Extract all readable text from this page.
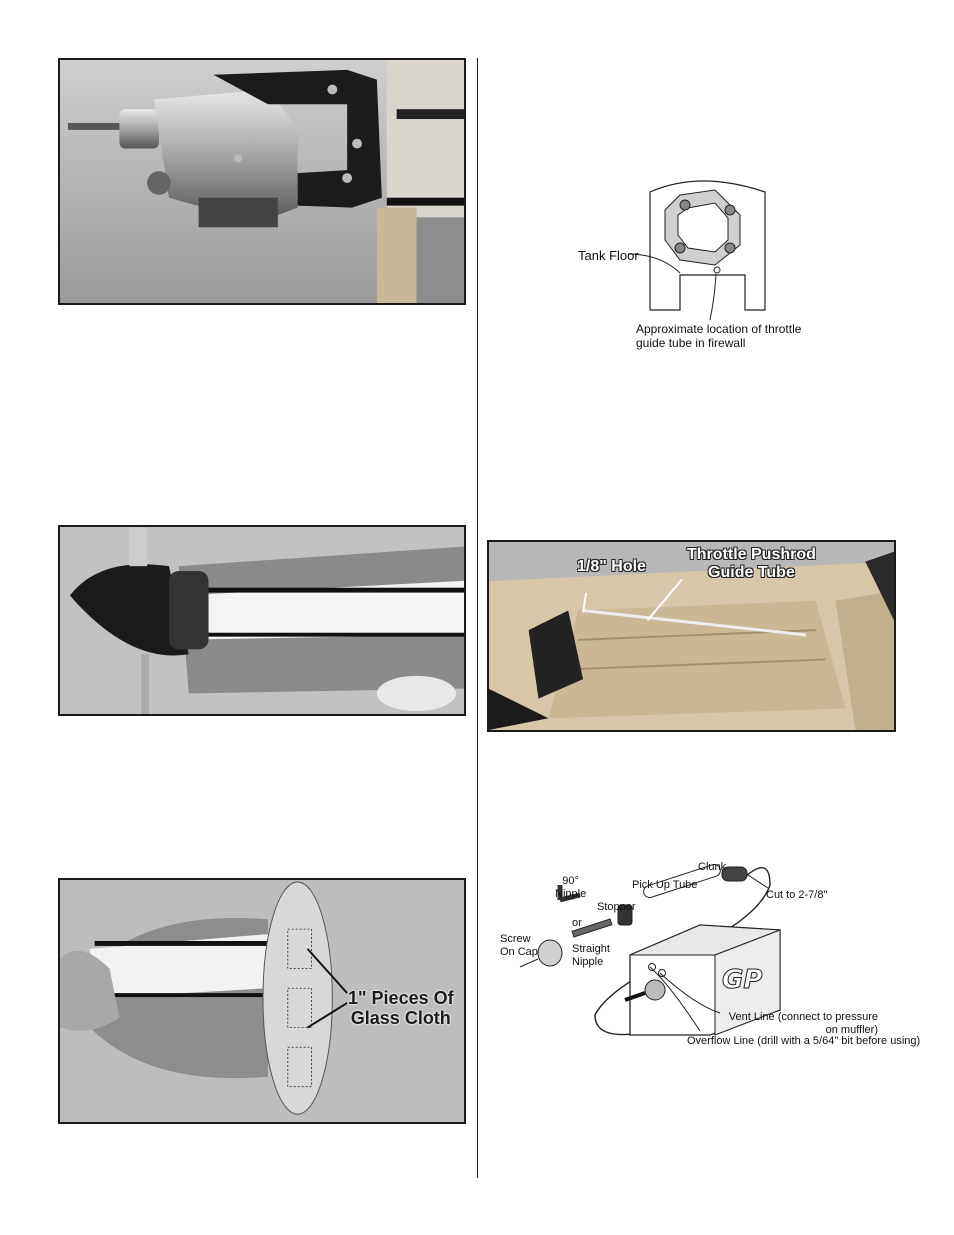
1" Pieces Of
Glass Cloth
Tank Floor
Approximate location of throttle
guide tube in firewall
1/8" Hole
Throttle Pushrod
Guide Tube
Clunk
Pick Up Tube
Cut to 2-7/8"
90°
Nipple
or
Stopper
Screw
On Cap	Straight
Nipple
GP
Vent Line (connect to pressure
on muffler)
Overflow Line (drill with a 5/64" bit before using)
